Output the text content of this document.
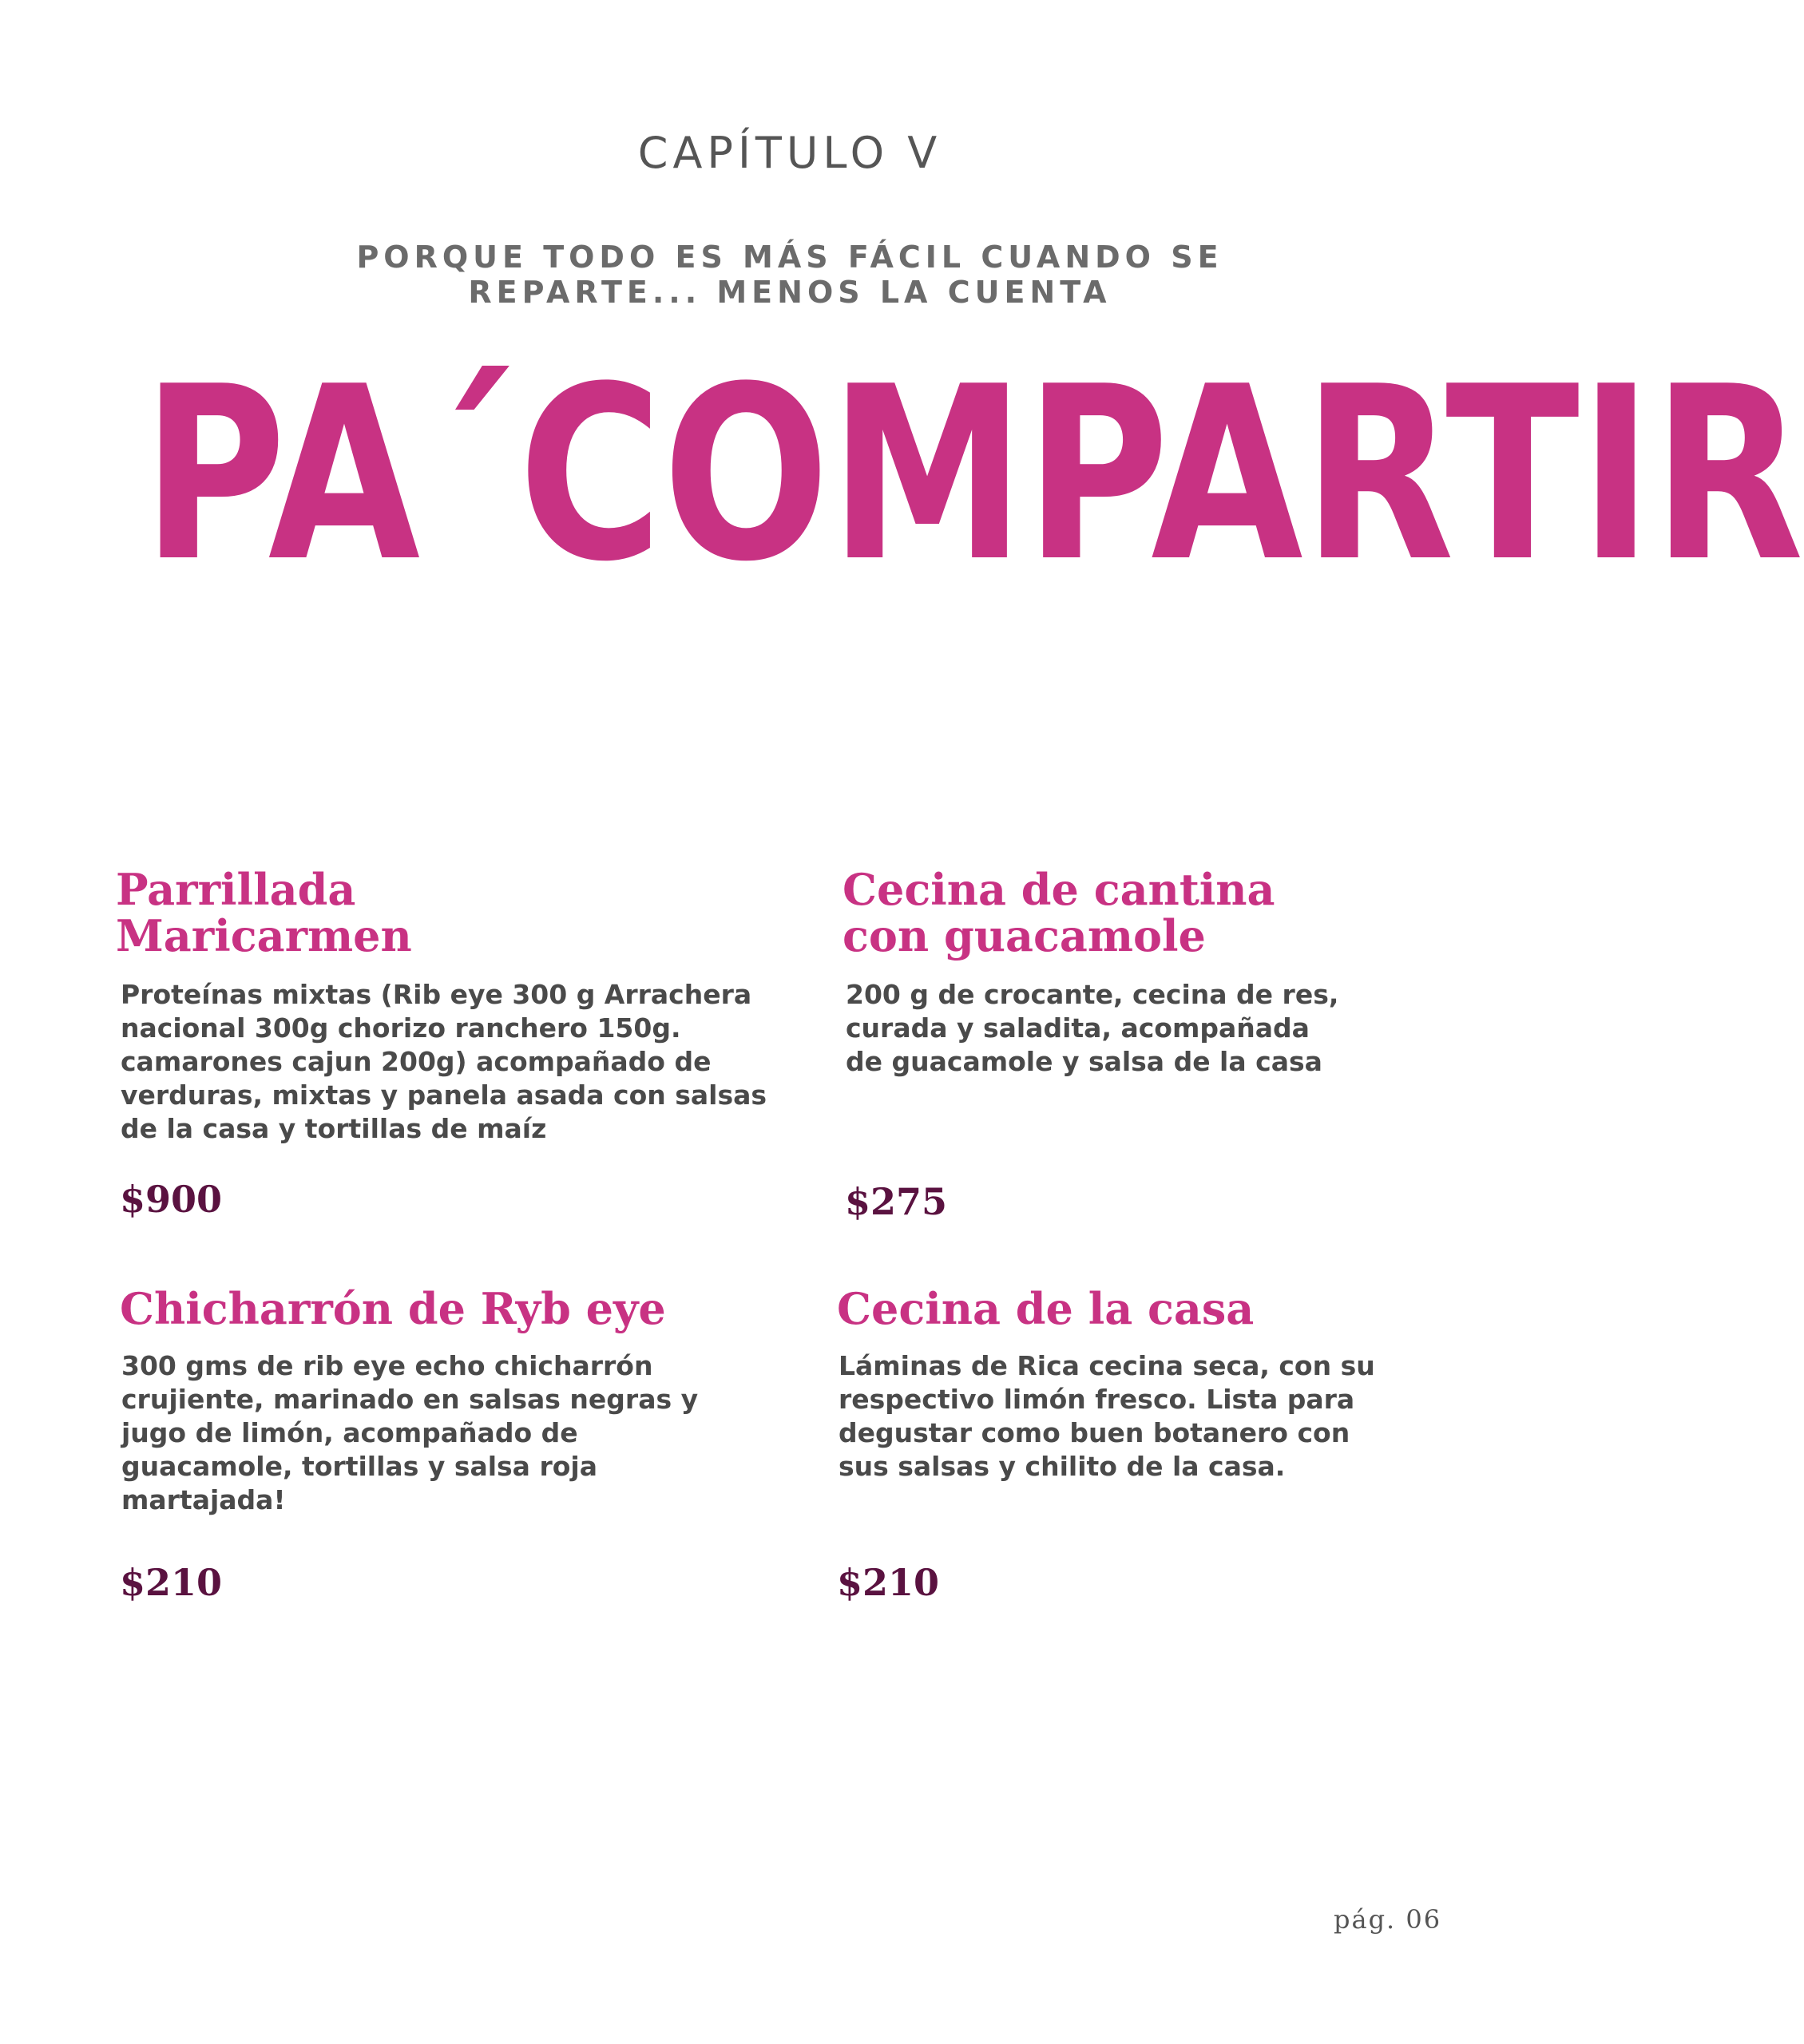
CAPÍTULO V
PORQUE TODO ES MÁS FÁCIL CUANDO SE
REPARTE... MENOS LA CUENTA
PA´COMPARTIR
Parrillada
Maricarmen
Proteínas mixtas (Rib eye 300 g Arrachera
nacional 300g chorizo ranchero 150g.
camarones cajun 200g) acompañado de
verduras, mixtas y panela asada con salsas
de la casa y tortillas de maíz
$900
Cecina de cantina
con guacamole
200 g de crocante, cecina de res,
curada y saladita, acompañada
de guacamole y salsa de la casa
$275
Chicharrón de Ryb eye
300 gms de rib eye echo chicharrón
crujiente, marinado en salsas negras y
jugo de limón, acompañado de
guacamole, tortillas y salsa roja
martajada!
$210
Cecina de la casa
Láminas de Rica cecina seca, con su
respectivo limón fresco. Lista para
degustar como buen botanero con
sus salsas y chilito de la casa.
$210
pág. 06
